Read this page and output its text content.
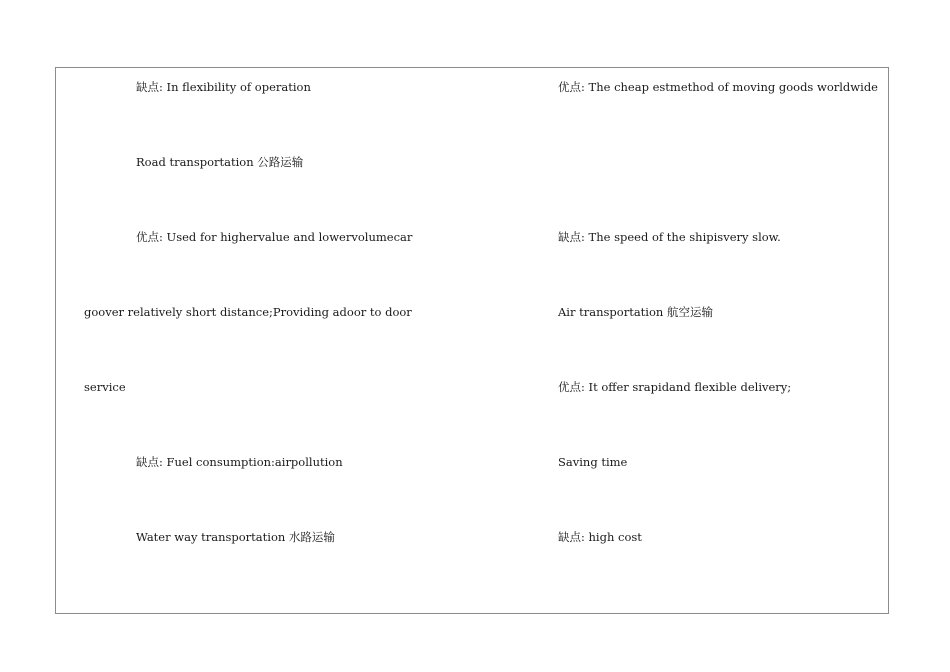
缺点: In flexibility of operation
Road transportation 公路运输
优点: Used for highervalue and lowervolumecar
goover relatively short distance;Providing adoor to door
service
缺点: Fuel consumption:airpollution
Water way transportation 水路运输
优点: The cheap estmethod of moving goods worldwide
缺点: The speed of the shipisvery slow.
Air transportation 航空运输
优点: It offer srapidand flexible delivery;
Saving time
缺点: high cost
